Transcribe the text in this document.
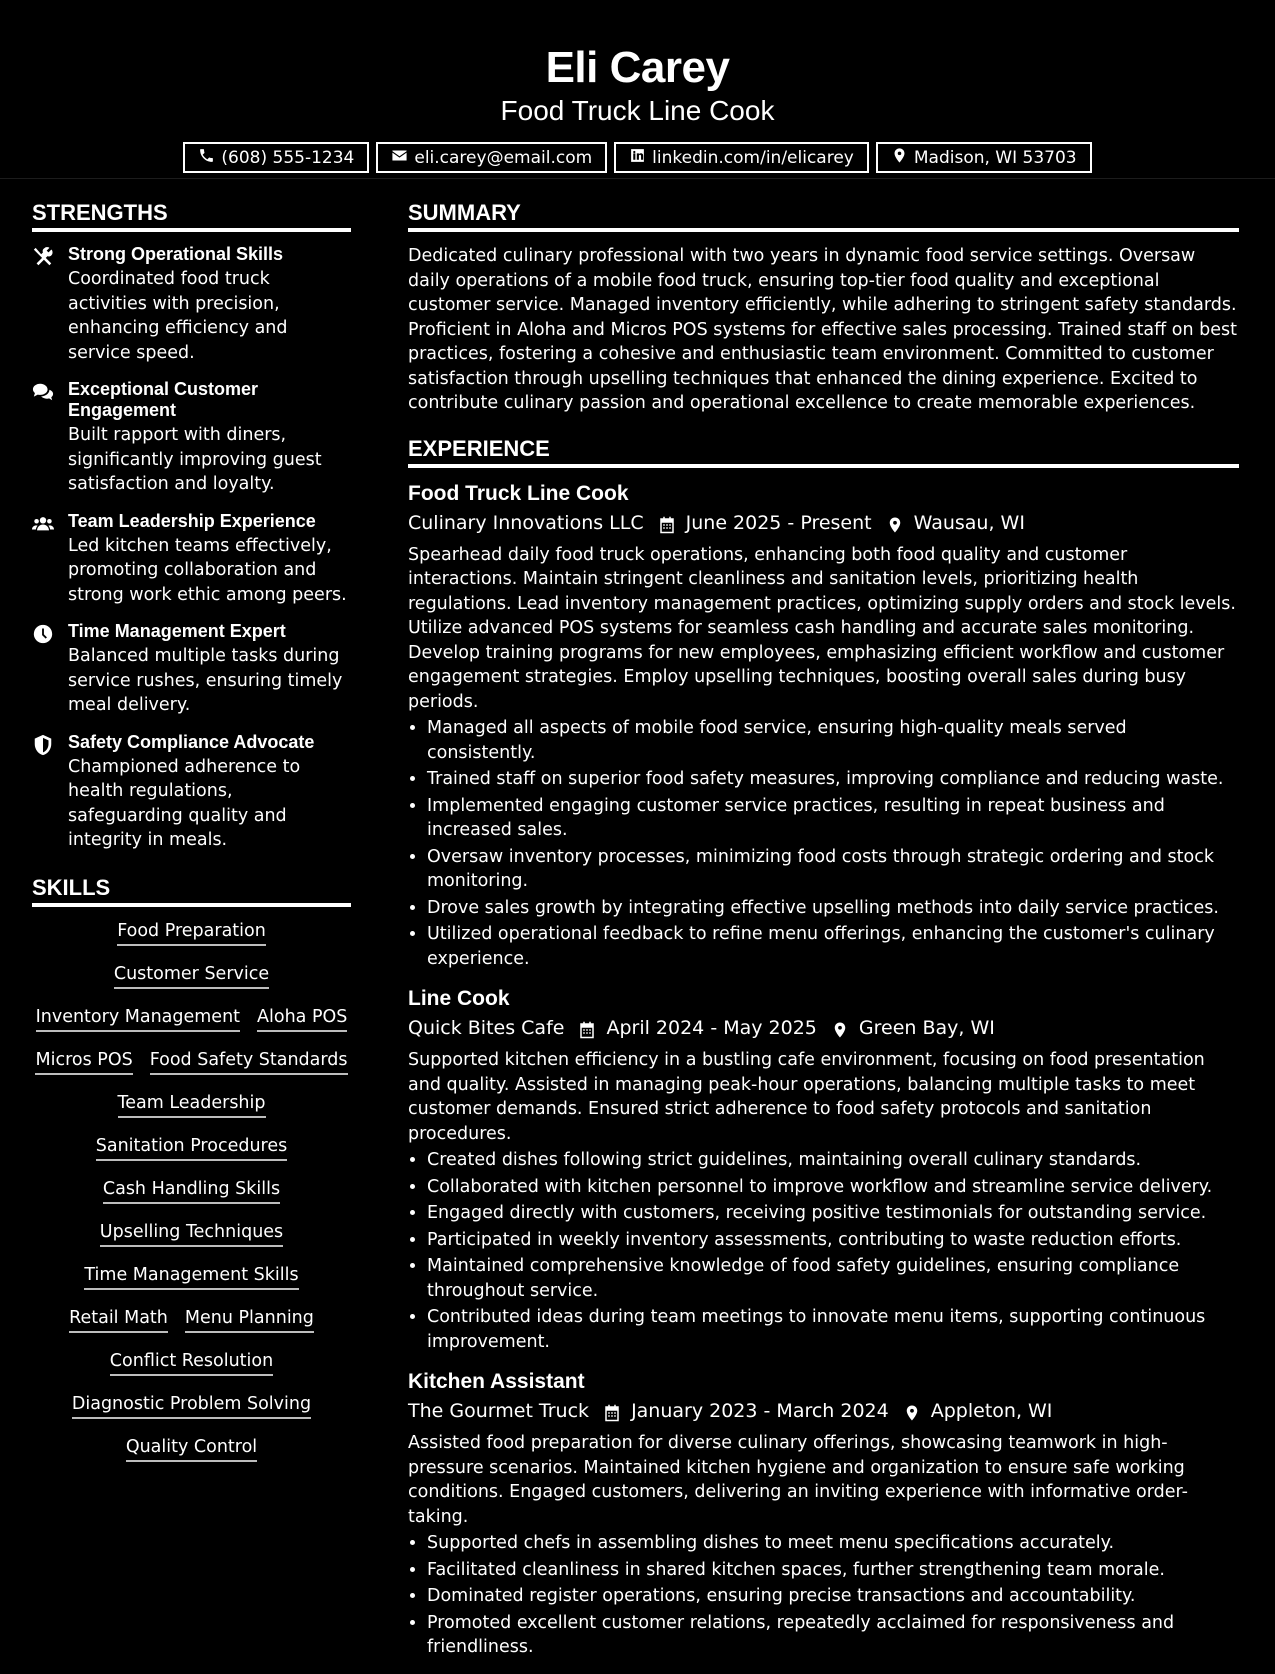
Eli Carey
Food Truck Line Cook
(608) 555-1234	eli.carey@email.com	linkedin.com/in/elicarey	Madison, WI 53703
STRENGTHS
Strong Operational Skills
Coordinated food truck activities with precision, enhancing efficiency and service speed.
Exceptional Customer Engagement
Built rapport with diners, significantly improving guest satisfaction and loyalty.
Team Leadership Experience
Led kitchen teams effectively, promoting collaboration and strong work ethic among peers.
Time Management Expert
Balanced multiple tasks during service rushes, ensuring timely meal delivery.
Safety Compliance Advocate
Championed adherence to health regulations, safeguarding quality and integrity in meals.
SKILLS
Food Preparation
Customer Service
Inventory Management Aloha POS
Micros POS Food Safety Standards
Team Leadership
Sanitation Procedures
Cash Handling Skills
Upselling Techniques
Time Management Skills
Retail Math Menu Planning
Conflict Resolution
Diagnostic Problem Solving
Quality Control
SUMMARY
Dedicated culinary professional with two years in dynamic food service settings. Oversaw daily operations of a mobile food truck, ensuring top-tier food quality and exceptional customer service. Managed inventory efficiently, while adhering to stringent safety standards. Proficient in Aloha and Micros POS systems for effective sales processing. Trained staff on best practices, fostering a cohesive and enthusiastic team environment. Committed to customer satisfaction through upselling techniques that enhanced the dining experience. Excited to contribute culinary passion and operational excellence to create memorable experiences.
EXPERIENCE
Food Truck Line Cook
Culinary Innovations LLC June 2025 - Present Wausau, WI
Spearhead daily food truck operations, enhancing both food quality and customer interactions. Maintain stringent cleanliness and sanitation levels, prioritizing health regulations. Lead inventory management practices, optimizing supply orders and stock levels. Utilize advanced POS systems for seamless cash handling and accurate sales monitoring. Develop training programs for new employees, emphasizing efficient workflow and customer engagement strategies. Employ upselling techniques, boosting overall sales during busy periods.
• Managed all aspects of mobile food service, ensuring high-quality meals served consistently.
• Trained staff on superior food safety measures, improving compliance and reducing waste.
• Implemented engaging customer service practices, resulting in repeat business and increased sales.
• Oversaw inventory processes, minimizing food costs through strategic ordering and stock monitoring.
• Drove sales growth by integrating effective upselling methods into daily service practices.
• Utilized operational feedback to refine menu offerings, enhancing the customer's culinary experience.
Line Cook
Quick Bites Cafe April 2024 - May 2025 Green Bay, WI
Supported kitchen efficiency in a bustling cafe environment, focusing on food presentation and quality. Assisted in managing peak-hour operations, balancing multiple tasks to meet customer demands. Ensured strict adherence to food safety protocols and sanitation procedures.
• Created dishes following strict guidelines, maintaining overall culinary standards.
• Collaborated with kitchen personnel to improve workflow and streamline service delivery.
• Engaged directly with customers, receiving positive testimonials for outstanding service.
• Participated in weekly inventory assessments, contributing to waste reduction efforts.
• Maintained comprehensive knowledge of food safety guidelines, ensuring compliance throughout service.
• Contributed ideas during team meetings to innovate menu items, supporting continuous improvement.
Kitchen Assistant
The Gourmet Truck January 2023 - March 2024 Appleton, WI
Assisted food preparation for diverse culinary offerings, showcasing teamwork in high-pressure scenarios. Maintained kitchen hygiene and organization to ensure safe working conditions. Engaged customers, delivering an inviting experience with informative order-taking.
• Supported chefs in assembling dishes to meet menu specifications accurately.
• Facilitated cleanliness in shared kitchen spaces, further strengthening team morale.
• Dominated register operations, ensuring precise transactions and accountability.
• Promoted excellent customer relations, repeatedly acclaimed for responsiveness and friendliness.
